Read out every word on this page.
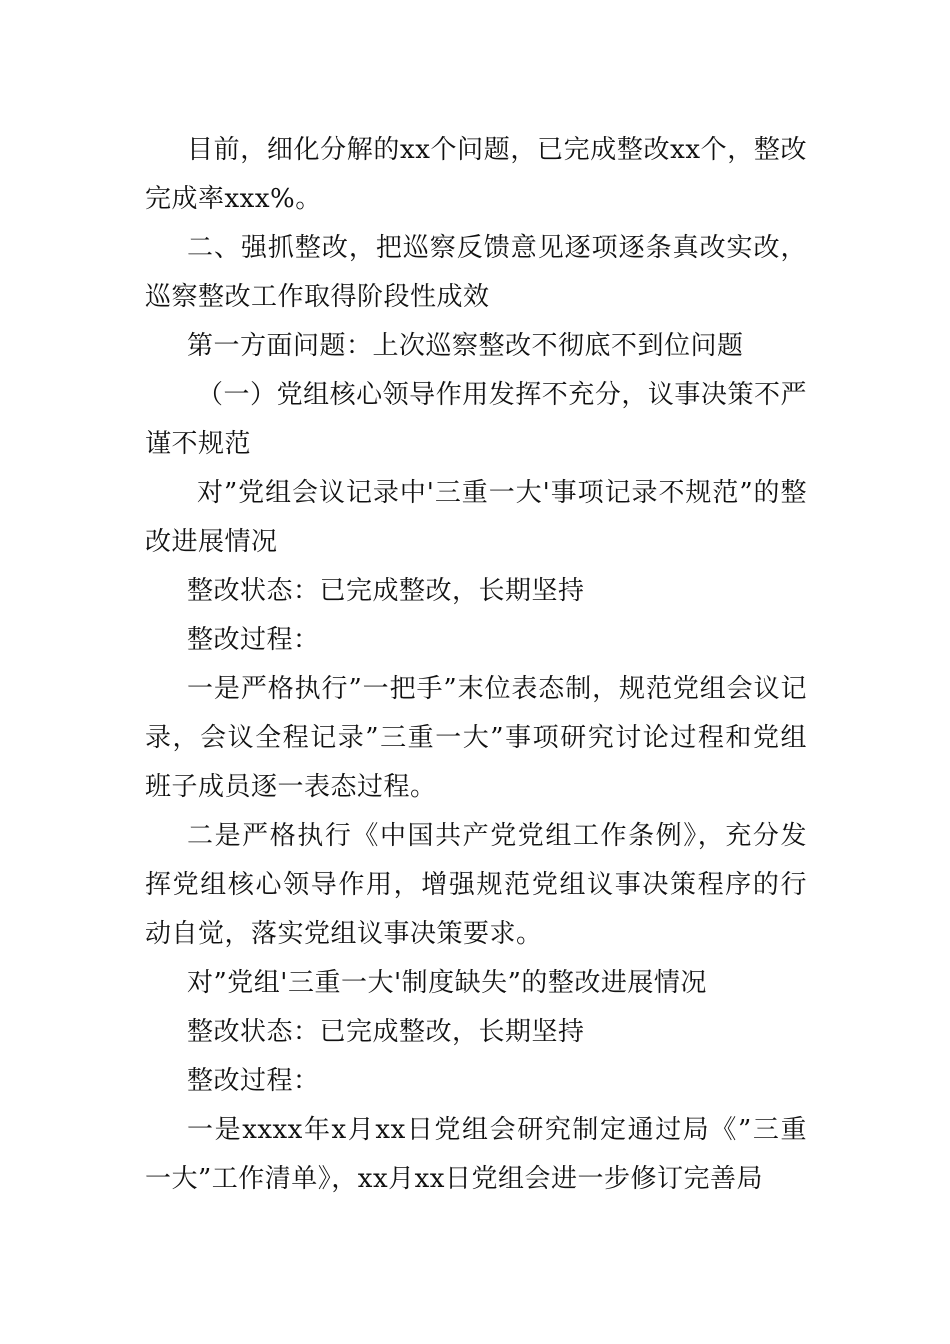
目前，细化分解的xx个问题，已完成整改xx个，整改完成率xxx%。

二、强抓整改，把巡察反馈意见逐项逐条真改实改，巡察整改工作取得阶段性成效

第一方面问题：上次巡察整改不彻底不到位问题

（一）党组核心领导作用发挥不充分，议事决策不严谨不规范

对”党组会议记录中'三重一大'事项记录不规范”的整改进展情况

整改状态：已完成整改，长期坚持

整改过程：

一是严格执行”一把手”末位表态制，规范党组会议记录，会议全程记录”三重一大”事项研究讨论过程和党组班子成员逐一表态过程。

二是严格执行《中国共产党党组工作条例》，充分发挥党组核心领导作用，增强规范党组议事决策程序的行动自觉，落实党组议事决策要求。

对”党组'三重一大'制度缺失”的整改进展情况

整改状态：已完成整改，长期坚持

整改过程：

一是xxxx年x月xx日党组会研究制定通过局《”三重一大”工作清单》，xx月xx日党组会进一步修订完善局
